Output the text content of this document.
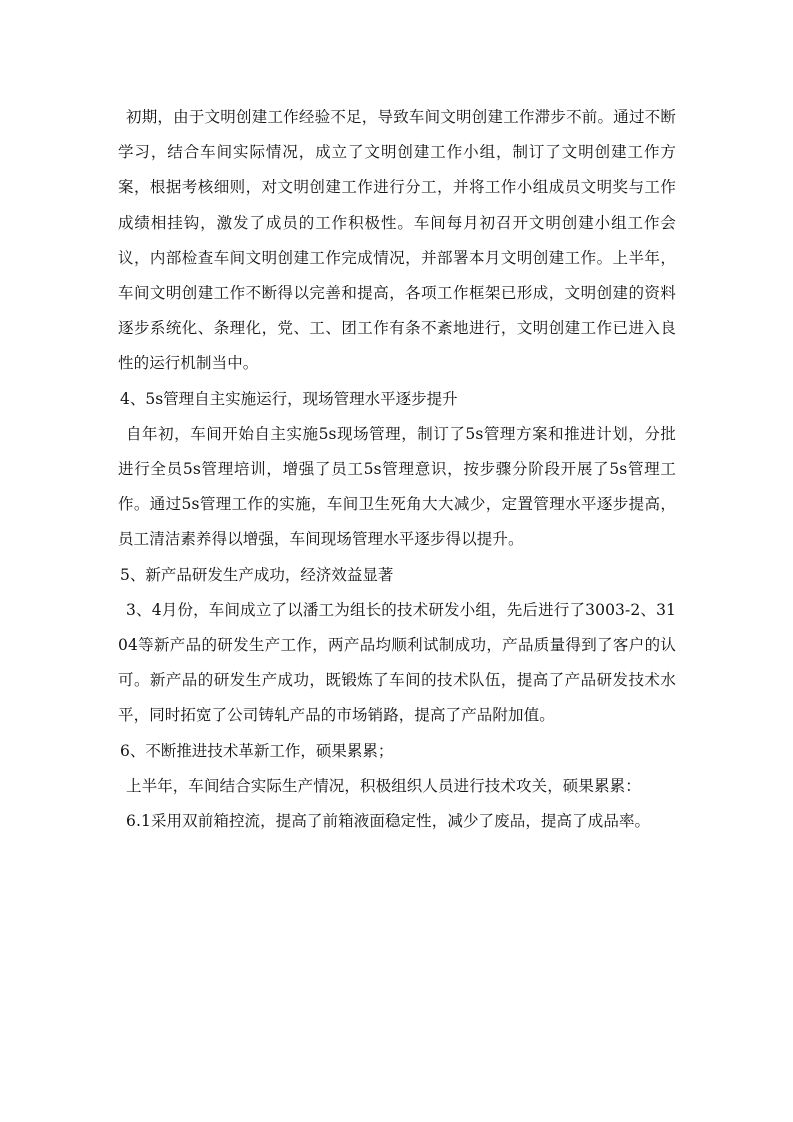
初期，由于文明创建工作经验不足，导致车间文明创建工作滞步不前。通过不断学习，结合车间实际情况，成立了文明创建工作小组，制订了文明创建工作方案，根据考核细则，对文明创建工作进行分工，并将工作小组成员文明奖与工作成绩相挂钩，激发了成员的工作积极性。车间每月初召开文明创建小组工作会议，内部检查车间文明创建工作完成情况，并部署本月文明创建工作。上半年，车间文明创建工作不断得以完善和提高，各项工作框架已形成，文明创建的资料逐步系统化、条理化，党、工、团工作有条不紊地进行，文明创建工作已进入良性的运行机制当中。

4、5s管理自主实施运行，现场管理水平逐步提升

自年初，车间开始自主实施5s现场管理，制订了5s管理方案和推进计划，分批进行全员5s管理培训，增强了员工5s管理意识，按步骤分阶段开展了5s管理工作。通过5s管理工作的实施，车间卫生死角大大减少，定置管理水平逐步提高，员工清洁素养得以增强，车间现场管理水平逐步得以提升。

5、新产品研发生产成功，经济效益显著

3、4月份，车间成立了以潘工为组长的技术研发小组，先后进行了3003-2、3104等新产品的研发生产工作，两产品均顺利试制成功，产品质量得到了客户的认可。新产品的研发生产成功，既锻炼了车间的技术队伍，提高了产品研发技术水平，同时拓宽了公司铸轧产品的市场销路，提高了产品附加值。

6、不断推进技术革新工作，硕果累累；

上半年，车间结合实际生产情况，积极组织人员进行技术攻关，硕果累累：

6.1采用双前箱控流，提高了前箱液面稳定性，减少了废品，提高了成品率。
